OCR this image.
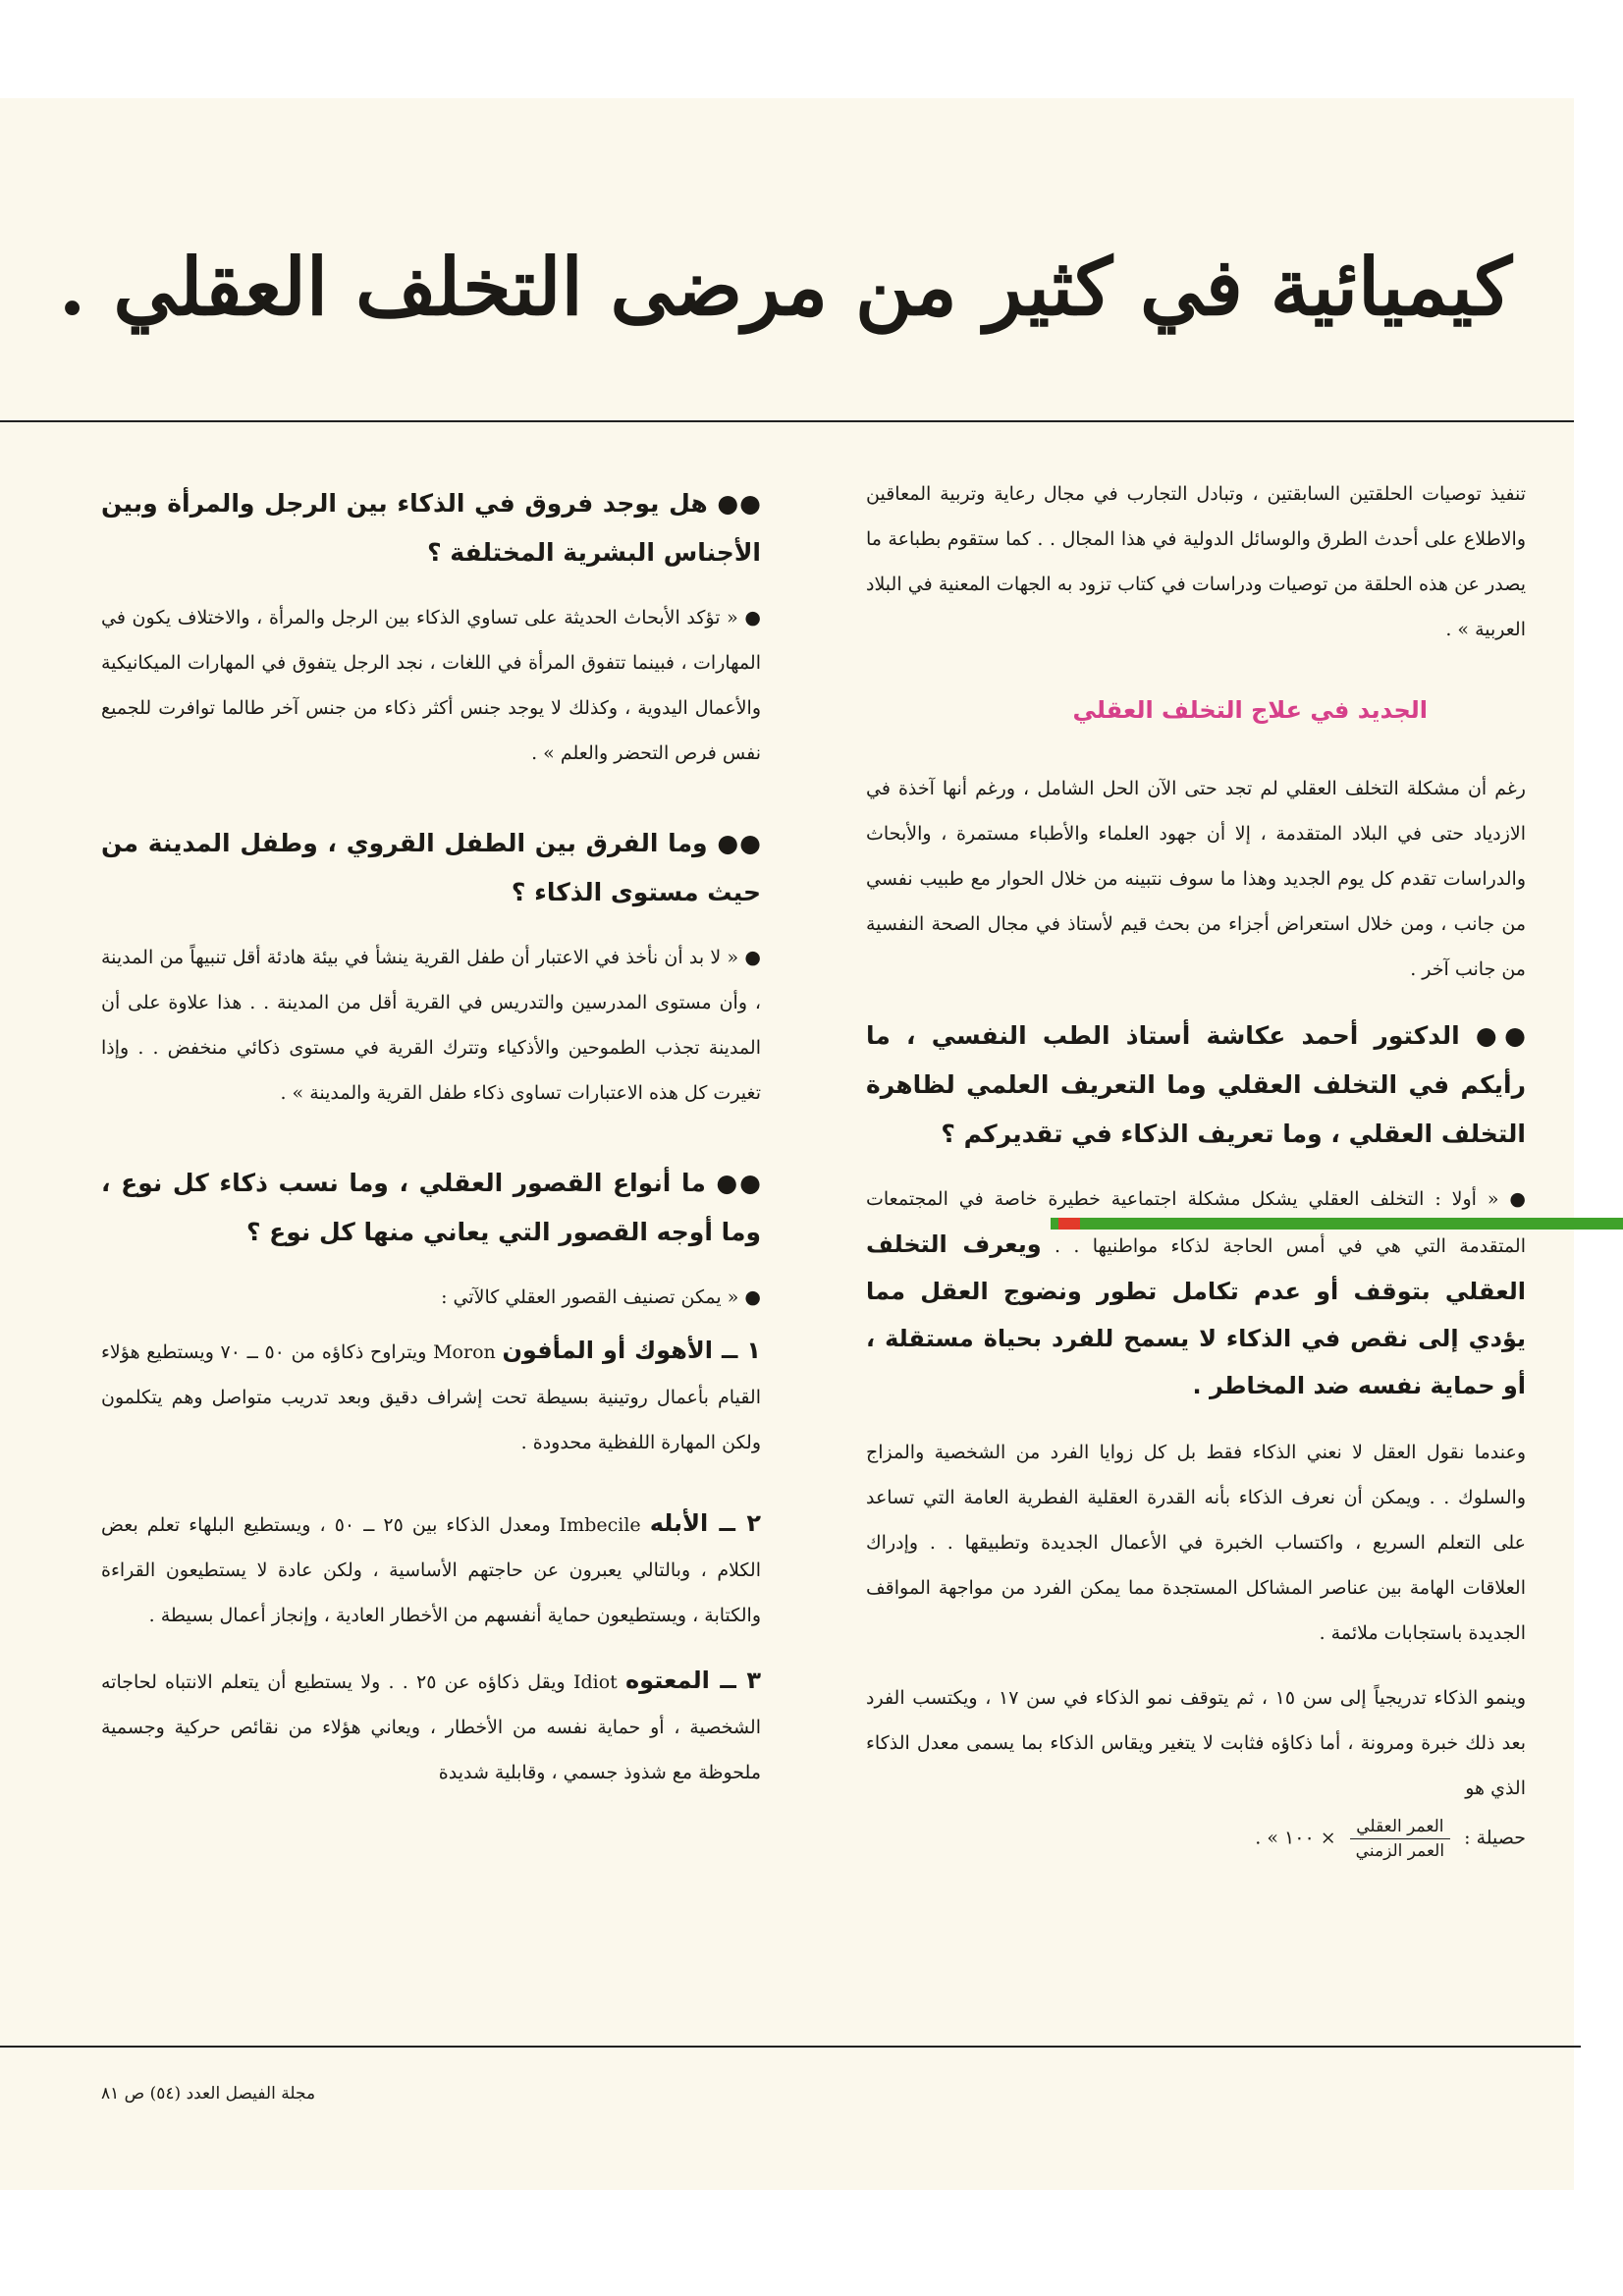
كيميائية في كثير من مرضى التخلف العقلي .

تنفيذ توصيات الحلقتين السابقتين ، وتبادل التجارب في مجال رعاية وتربية المعاقين والاطلاع على أحدث الطرق والوسائل الدولية في هذا المجال . . كما ستقوم بطباعة ما يصدر عن هذه الحلقة من توصيات ودراسات في كتاب تزود به الجهات المعنية في البلاد العربية » .

الجديد في علاج التخلف العقلي

رغم أن مشكلة التخلف العقلي لم تجد حتى الآن الحل الشامل ، ورغم أنها آخذة في الازدياد حتى في البلاد المتقدمة ، إلا أن جهود العلماء والأطباء مستمرة ، والأبحاث والدراسات تقدم كل يوم الجديد وهذا ما سوف نتبينه من خلال الحوار مع طبيب نفسي من جانب ، ومن خلال استعراض أجزاء من بحث قيم لأستاذ في مجال الصحة النفسية من جانب آخر .

●● الدكتور أحمد عكاشة أستاذ الطب النفسي ، ما رأيكم في التخلف العقلي وما التعريف العلمي لظاهرة التخلف العقلي ، وما تعريف الذكاء في تقديركم ؟

● « أولا : التخلف العقلي يشكل مشكلة اجتماعية خطيرة خاصة في المجتمعات المتقدمة التي هي في أمس الحاجة لذكاء مواطنيها . . ويعرف التخلف العقلي بتوقف أو عدم تكامل تطور ونضوج العقل مما يؤدي إلى نقص في الذكاء لا يسمح للفرد بحياة مستقلة ، أو حماية نفسه ضد المخاطر .

وعندما نقول العقل لا نعني الذكاء فقط بل كل زوايا الفرد من الشخصية والمزاج والسلوك . . ويمكن أن نعرف الذكاء بأنه القدرة العقلية الفطرية العامة التي تساعد على التعلم السريع ، واكتساب الخبرة في الأعمال الجديدة وتطبيقها . . وإدراك العلاقات الهامة بين عناصر المشاكل المستجدة مما يمكن الفرد من مواجهة المواقف الجديدة باستجابات ملائمة .

وينمو الذكاء تدريجياً إلى سن ١٥ ، ثم يتوقف نمو الذكاء في سن ١٧ ، ويكتسب الفرد بعد ذلك خبرة ومرونة ، أما ذكاؤه فثابت لا يتغير ويقاس الذكاء بما يسمى معدل الذكاء الذي هو

حصيلة :
$\frac{\text{العمر العقلي}}{\text{العمر الزمني}}$
× ١٠٠ » .

●● هل يوجد فروق في الذكاء بين الرجل والمرأة وبين الأجناس البشرية المختلفة ؟

● « تؤكد الأبحاث الحديثة على تساوي الذكاء بين الرجل والمرأة ، والاختلاف يكون في المهارات ، فبينما تتفوق المرأة في اللغات ، نجد الرجل يتفوق في المهارات الميكانيكية والأعمال اليدوية ، وكذلك لا يوجد جنس أكثر ذكاء من جنس آخر طالما توافرت للجميع نفس فرص التحضر والعلم » .

●● وما الفرق بين الطفل القروي ، وطفل المدينة من حيث مستوى الذكاء ؟

● « لا بد أن نأخذ في الاعتبار أن طفل القرية ينشأ في بيئة هادئة أقل تنبيهاً من المدينة ، وأن مستوى المدرسين والتدريس في القرية أقل من المدينة . . هذا علاوة على أن المدينة تجذب الطموحين والأذكياء وتترك القرية في مستوى ذكائي منخفض . . وإذا تغيرت كل هذه الاعتبارات تساوى ذكاء طفل القرية والمدينة » .

●● ما أنواع القصور العقلي ، وما نسب ذكاء كل نوع ، وما أوجه القصور التي يعاني منها كل نوع ؟

● « يمكن تصنيف القصور العقلي كالآتي :

١ ــ الأهوك أو المأفون Moron ويتراوح ذكاؤه من ٥٠ ــ ٧٠ ويستطيع هؤلاء القيام بأعمال روتينية بسيطة تحت إشراف دقيق وبعد تدريب متواصل وهم يتكلمون ولكن المهارة اللفظية محدودة .

٢ ــ الأبله Imbecile ومعدل الذكاء بين ٢٥ ــ ٥٠ ، ويستطيع البلهاء تعلم بعض الكلام ، وبالتالي يعبرون عن حاجتهم الأساسية ، ولكن عادة لا يستطيعون القراءة والكتابة ، ويستطيعون حماية أنفسهم من الأخطار العادية ، وإنجاز أعمال بسيطة .

٣ ــ المعتوه Idiot ويقل ذكاؤه عن ٢٥ . . ولا يستطيع أن يتعلم الانتباه لحاجاته الشخصية ، أو حماية نفسه من الأخطار ، ويعاني هؤلاء من نقائص حركية وجسمية ملحوظة مع شذوذ جسمي ، وقابلية شديدة

مجلة الفيصل العدد (٥٤) ص ٨١
